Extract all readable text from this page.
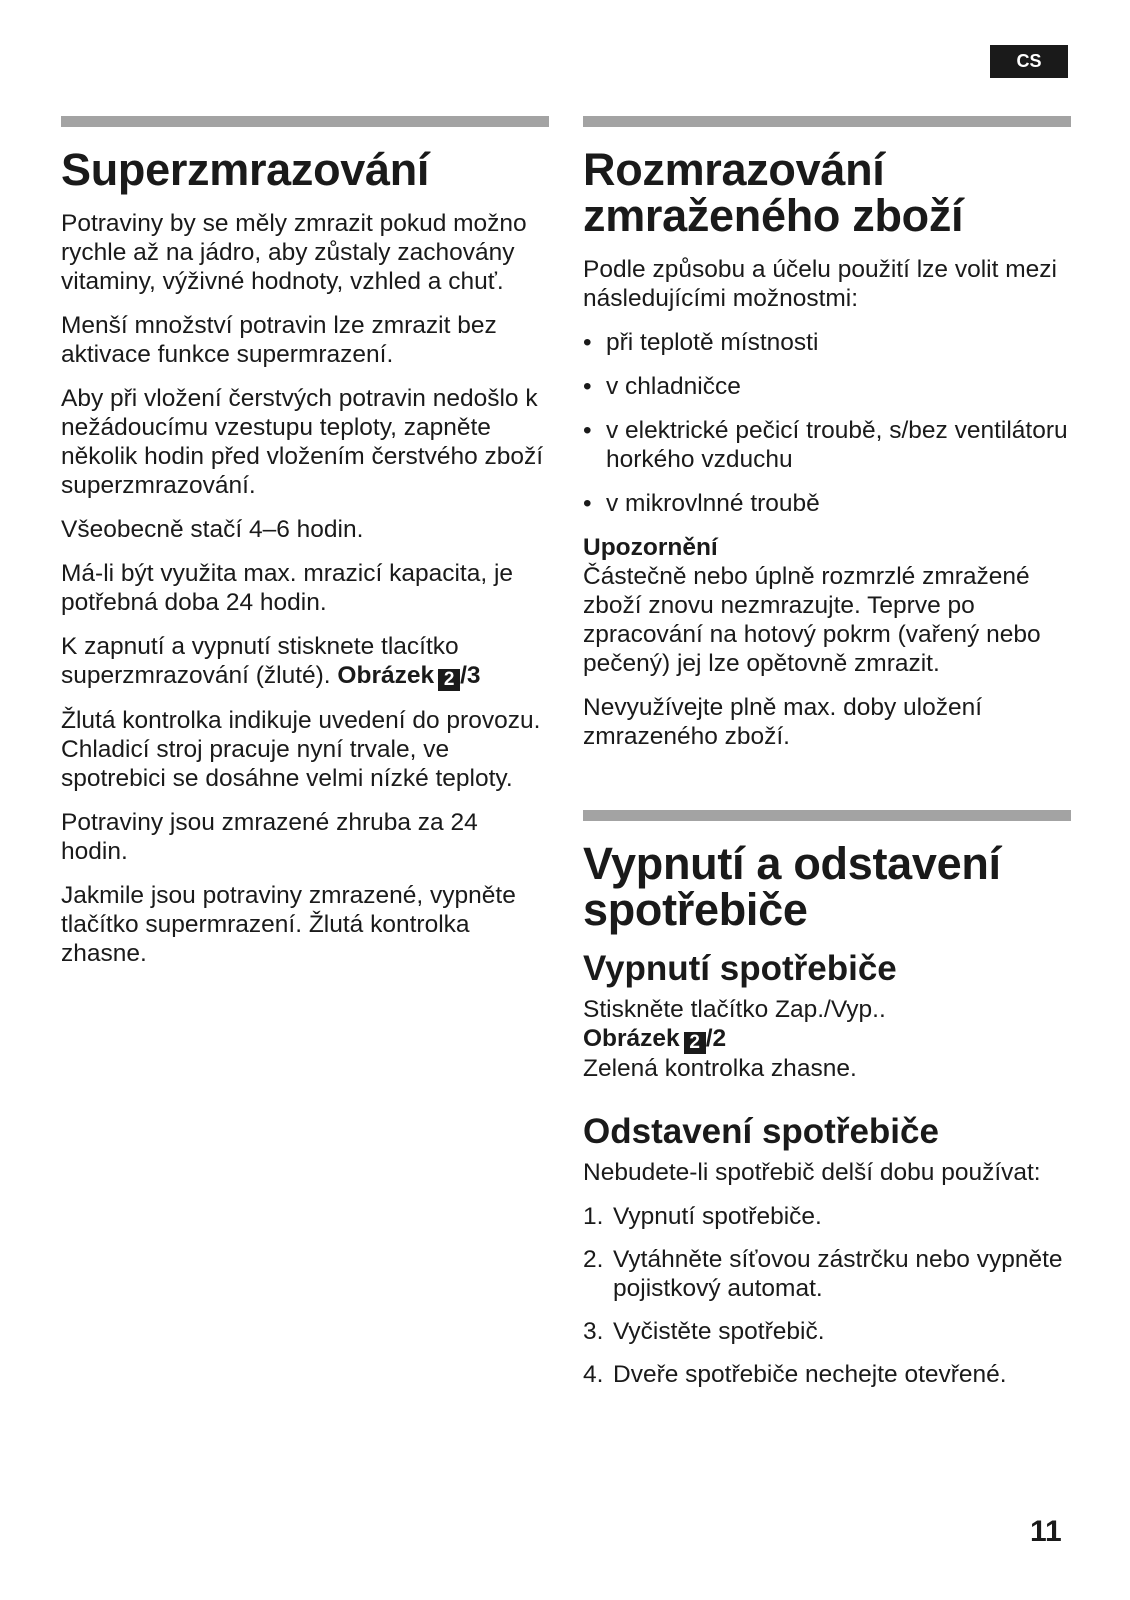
CS
Superzmrazování

Potraviny by se měly zmrazit pokud možno rychle až na jádro, aby zůstaly zachovány vitaminy, výživné hodnoty, vzhled a chuť.

Menší množství potravin lze zmrazit bez aktivace funkce supermrazení.

Aby při vložení čerstvých potravin nedošlo k nežádoucímu vzestupu teploty, zapněte několik hodin před vložením čerstvého zboží superzmrazování.

Všeobecně stačí 4–6 hodin.

Má-li být využita max. mrazicí kapacita, je potřebná doba 24 hodin.

K zapnutí a vypnutí stisknete tlacítko superzmrazování (žluté). Obrázek 2 /3

Žlutá kontrolka indikuje uvedení do provozu. Chladicí stroj pracuje nyní trvale, ve spotrebici se dosáhne velmi nízké teploty.

Potraviny jsou zmrazené zhruba za 24 hodin.

Jakmile jsou potraviny zmrazené, vypněte tlačítko supermrazení. Žlutá kontrolka zhasne.

Rozmrazování zmraženého zboží

Podle způsobu a účelu použití lze volit mezi následujícími možnostmi:

• při teplotě místnosti
• v chladničce
• v elektrické pečicí troubě, s/bez ventilátoru horkého vzduchu
• v mikrovlnné troubě
Upozornění

Částečně nebo úplně rozmrzlé zmražené zboží znovu nezmrazujte. Teprve po zpracování na hotový pokrm (vařený nebo pečený) jej lze opětovně zmrazit.

Nevyužívejte plně max. doby uložení zmrazeného zboží.

Vypnutí a odstavení spotřebiče
Vypnutí spotřebiče

Stiskněte tlačítko Zap./Vyp..
Obrázek 2 /2
Zelená kontrolka zhasne.

Odstavení spotřebiče

Nebudete-li spotřebič delší dobu používat:

1. Vypnutí spotřebiče.
2. Vytáhněte síťovou zástrčku nebo vypněte pojistkový automat.
3. Vyčistěte spotřebič.
4. Dveře spotřebiče nechejte otevřené.
11
